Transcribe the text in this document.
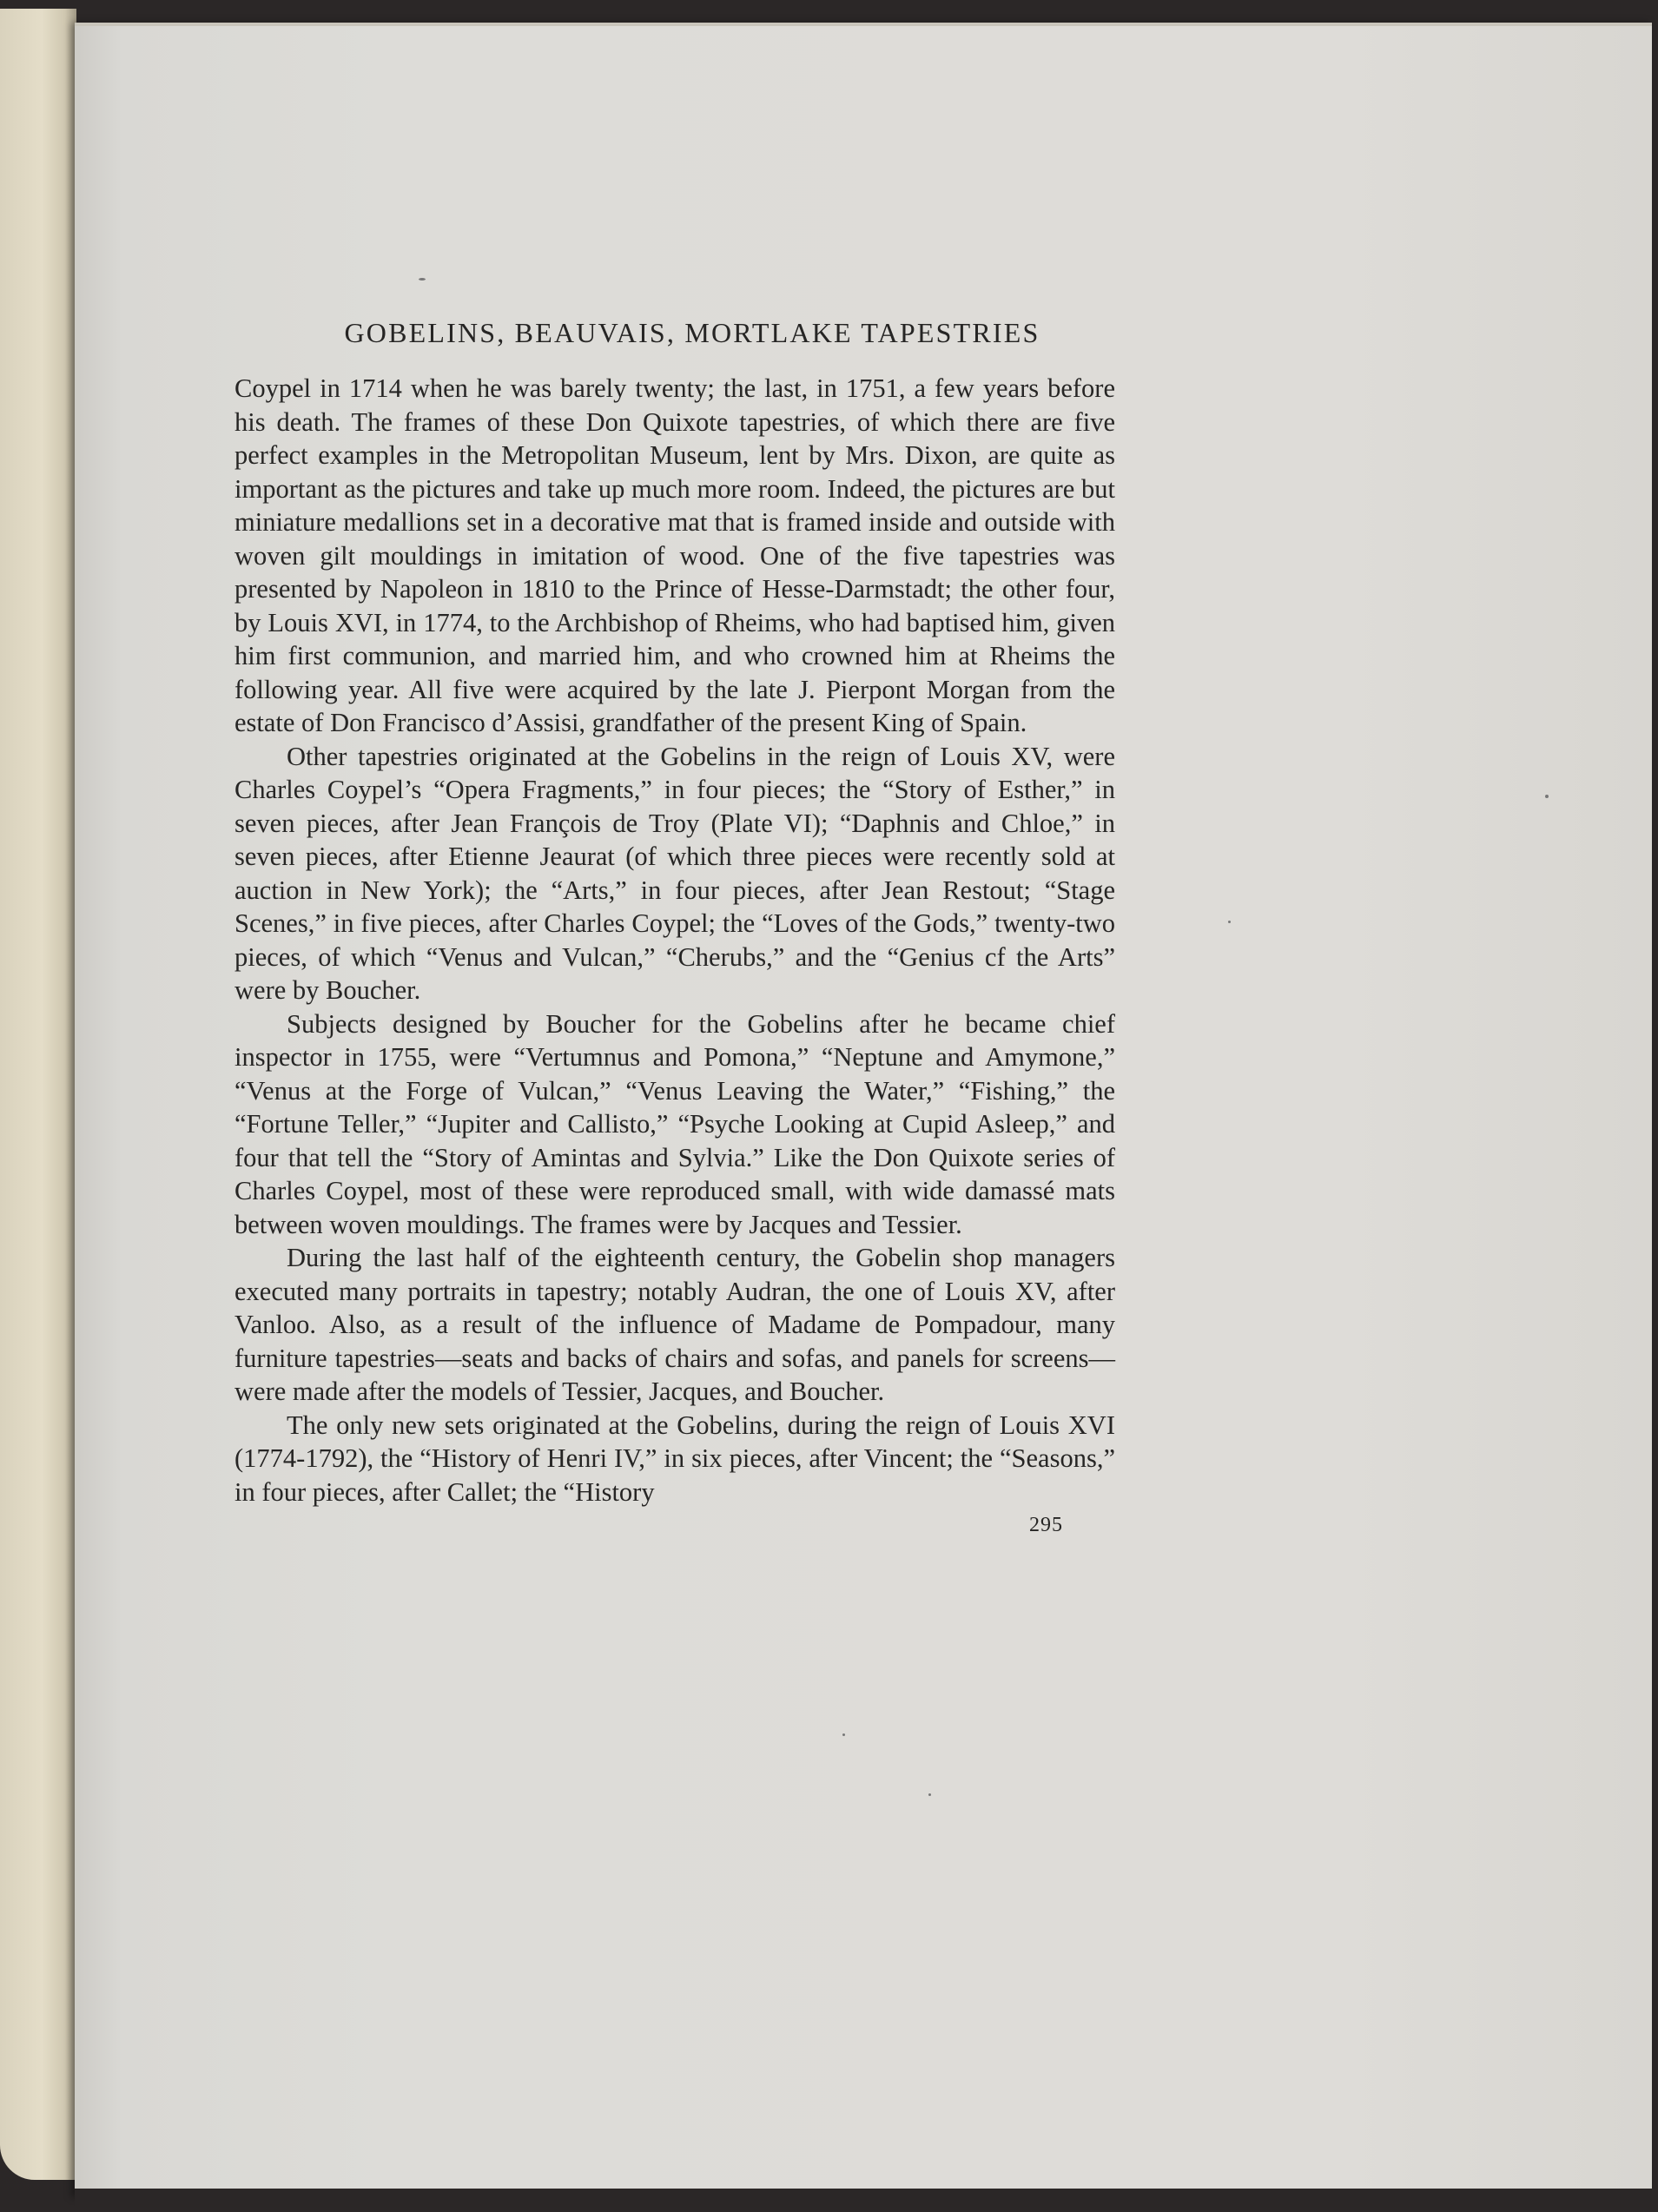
GOBELINS, BEAUVAIS, MORTLAKE TAPESTRIES

Coypel in 1714 when he was barely twenty; the last, in 1751, a few years before his death. The frames of these Don Quixote tapestries, of which there are five perfect examples in the Metropolitan Museum, lent by Mrs. Dixon, are quite as important as the pictures and take up much more room. Indeed, the pictures are but miniature medallions set in a decorative mat that is framed inside and outside with woven gilt mouldings in imitation of wood. One of the five tapestries was presented by Napoleon in 1810 to the Prince of Hesse-Darmstadt; the other four, by Louis XVI, in 1774, to the Archbishop of Rheims, who had baptised him, given him first communion, and married him, and who crowned him at Rheims the following year. All five were acquired by the late J. Pierpont Morgan from the estate of Don Francisco d’Assisi, grandfather of the present King of Spain.

Other tapestries originated at the Gobelins in the reign of Louis XV, were Charles Coypel’s “Opera Fragments,” in four pieces; the “Story of Esther,” in seven pieces, after Jean François de Troy (Plate VI); “Daphnis and Chloe,” in seven pieces, after Etienne Jeaurat (of which three pieces were recently sold at auction in New York); the “Arts,” in four pieces, after Jean Restout; “Stage Scenes,” in five pieces, after Charles Coypel; the “Loves of the Gods,” twenty-two pieces, of which “Venus and Vulcan,” “Cherubs,” and the “Genius cf the Arts” were by Boucher.

Subjects designed by Boucher for the Gobelins after he became chief inspector in 1755, were “Vertumnus and Pomona,” “Neptune and Amymone,” “Venus at the Forge of Vulcan,” “Venus Leaving the Water,” “Fishing,” the “Fortune Teller,” “Jupiter and Callisto,” “Psyche Looking at Cupid Asleep,” and four that tell the “Story of Amintas and Sylvia.” Like the Don Quixote series of Charles Coypel, most of these were reproduced small, with wide damassé mats between woven mouldings. The frames were by Jacques and Tessier.

During the last half of the eighteenth century, the Gobelin shop managers executed many portraits in tapestry; notably Audran, the one of Louis XV, after Vanloo. Also, as a result of the influence of Madame de Pompadour, many furniture tapestries—seats and backs of chairs and sofas, and panels for screens—were made after the models of Tessier, Jacques, and Boucher.

The only new sets originated at the Gobelins, during the reign of Louis XVI (1774-1792), the “History of Henri IV,” in six pieces, after Vincent; the “Seasons,” in four pieces, after Callet; the “History

295
